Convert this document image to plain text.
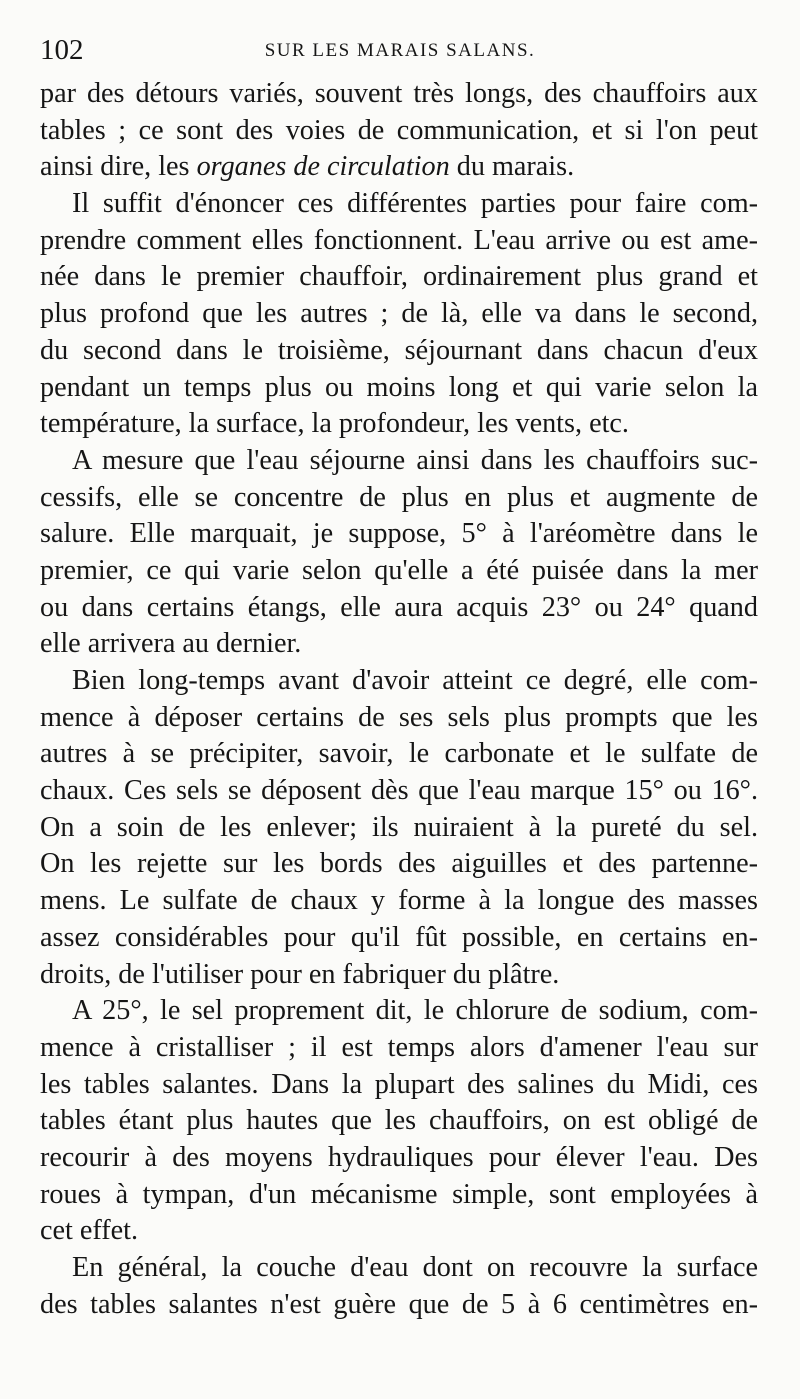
102	SUR LES MARAIS SALANS.
par des détours variés, souvent très longs, des chauffoirs aux
tables ; ce sont des voies de communication, et si l'on peut
ainsi dire, les organes de circulation du marais.
Il suffit d'énoncer ces différentes parties pour faire com-
prendre comment elles fonctionnent. L'eau arrive ou est ame-
née dans le premier chauffoir, ordinairement plus grand et
plus profond que les autres ; de là, elle va dans le second,
du second dans le troisième, séjournant dans chacun d'eux
pendant un temps plus ou moins long et qui varie selon la
température, la surface, la profondeur, les vents, etc.
A mesure que l'eau séjourne ainsi dans les chauffoirs suc-
cessifs, elle se concentre de plus en plus et augmente de
salure. Elle marquait, je suppose, 5° à l'aréomètre dans le
premier, ce qui varie selon qu'elle a été puisée dans la mer
ou dans certains étangs, elle aura acquis 23° ou 24° quand
elle arrivera au dernier.
Bien long-temps avant d'avoir atteint ce degré, elle com-
mence à déposer certains de ses sels plus prompts que les
autres à se précipiter, savoir, le carbonate et le sulfate de
chaux. Ces sels se déposent dès que l'eau marque 15° ou 16°.
On a soin de les enlever; ils nuiraient à la pureté du sel.
On les rejette sur les bords des aiguilles et des partenne-
mens. Le sulfate de chaux y forme à la longue des masses
assez considérables pour qu'il fût possible, en certains en-
droits, de l'utiliser pour en fabriquer du plâtre.
A 25°, le sel proprement dit, le chlorure de sodium, com-
mence à cristalliser ; il est temps alors d'amener l'eau sur
les tables salantes. Dans la plupart des salines du Midi, ces
tables étant plus hautes que les chauffoirs, on est obligé de
recourir à des moyens hydrauliques pour élever l'eau. Des
roues à tympan, d'un mécanisme simple, sont employées à
cet effet.
En général, la couche d'eau dont on recouvre la surface
des tables salantes n'est guère que de 5 à 6 centimètres en-
